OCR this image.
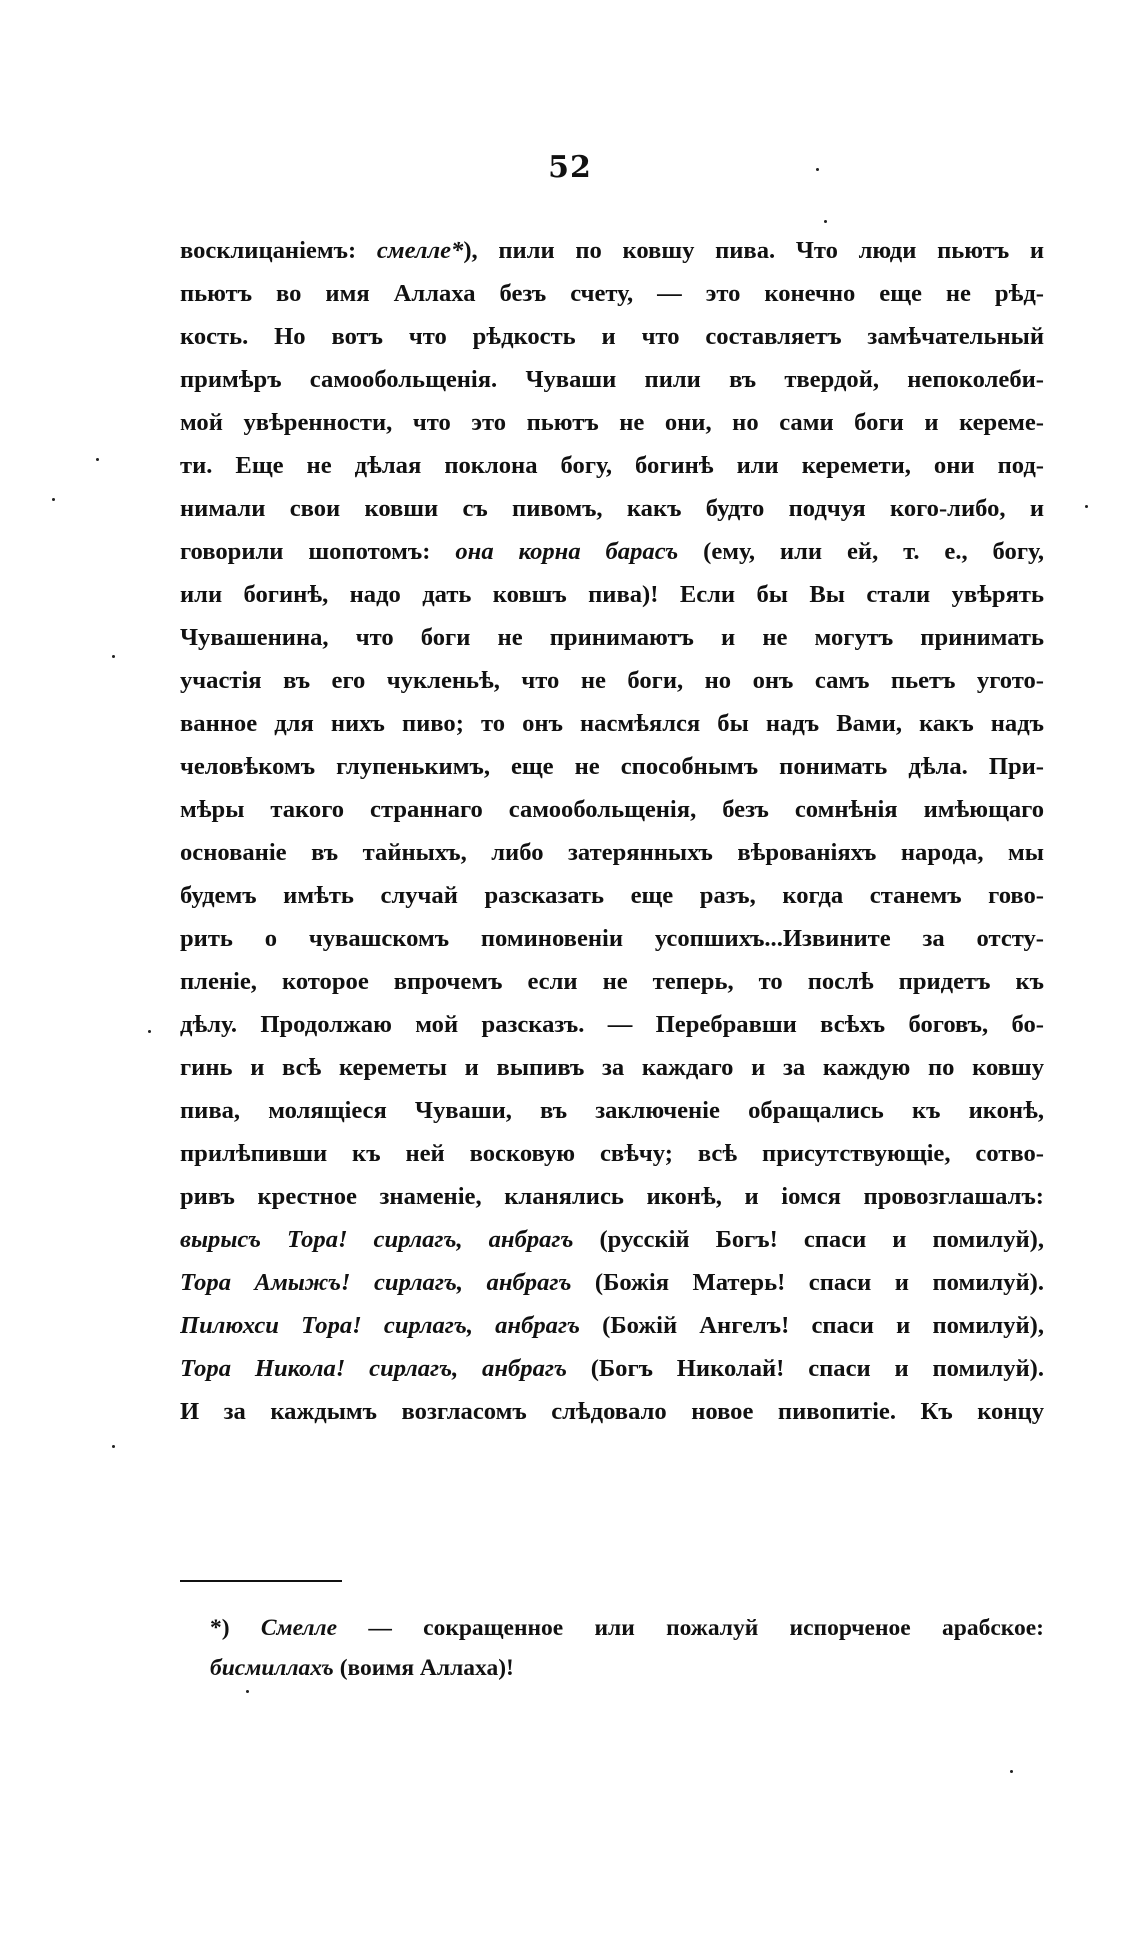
52
восклицаніемъ: смелле*), пили по ковшу пива. Что люди пьютъ и
пьютъ во имя Аллаха безъ счету, — это конечно еще не рѣд-
кость. Но вотъ что рѣдкость и что составляетъ замѣчательный
примѣръ самообольщенія. Чуваши пили въ твердой, непоколеби-
мой увѣренности, что это пьютъ не они, но сами боги и кереме-
ти. Еще не дѣлая поклона богу, богинѣ или керемети, они под-
нимали свои ковши съ пивомъ, какъ будто подчуя кого-либо, и
говорили шопотомъ: она корна барасъ (ему, или ей, т. е., богу,
или богинѣ, надо дать ковшъ пива)! Если бы Вы стали увѣрять
Чувашенина, что боги не принимаютъ и не могутъ принимать
участія въ его чукленьѣ, что не боги, но онъ самъ пьетъ угото-
ванное для нихъ пиво; то онъ насмѣялся бы надъ Вами, какъ надъ
человѣкомъ глупенькимъ, еще не способнымъ понимать дѣла. При-
мѣры такого страннаго самообольщенія, безъ сомнѣнія имѣющаго
основаніе въ тайныхъ, либо затерянныхъ вѣрованіяхъ народа, мы
будемъ имѣть случай разсказать еще разъ, когда станемъ гово-
рить о чувашскомъ поминовеніи усопшихъ...Извините за отсту-
пленіе, которое впрочемъ если не теперь, то послѣ придетъ къ
дѣлу. Продолжаю мой разсказъ. — Перебравши всѣхъ боговъ, бо-
гинь и всѣ кереметы и выпивъ за каждаго и за каждую по ковшу
пива, молящіеся Чуваши, въ заключеніе обращались къ иконѣ,
прилѣпивши къ ней восковую свѣчу; всѣ присутствующіе, сотво-
ривъ крестное знаменіе, кланялись иконѣ, и іомся провозглашалъ:
вырысъ Тора! сирлагъ, анбрагъ (русскій Богъ! спаси и помилуй),
Тора Амыжъ! сирлагъ, анбрагъ (Божія Матерь! спаси и помилуй).
Пилюхси Тора! сирлагъ, анбрагъ (Божій Ангелъ! спаси и помилуй),
Тора Никола! сирлагъ, анбрагъ (Богъ Николай! спаси и помилуй).
И за каждымъ возгласомъ слѣдовало новое пивопитіе. Къ концу
*) Смелле — сокращенное или пожалуй испорченое арабское:
бисмиллахъ (воимя Аллаха)!
